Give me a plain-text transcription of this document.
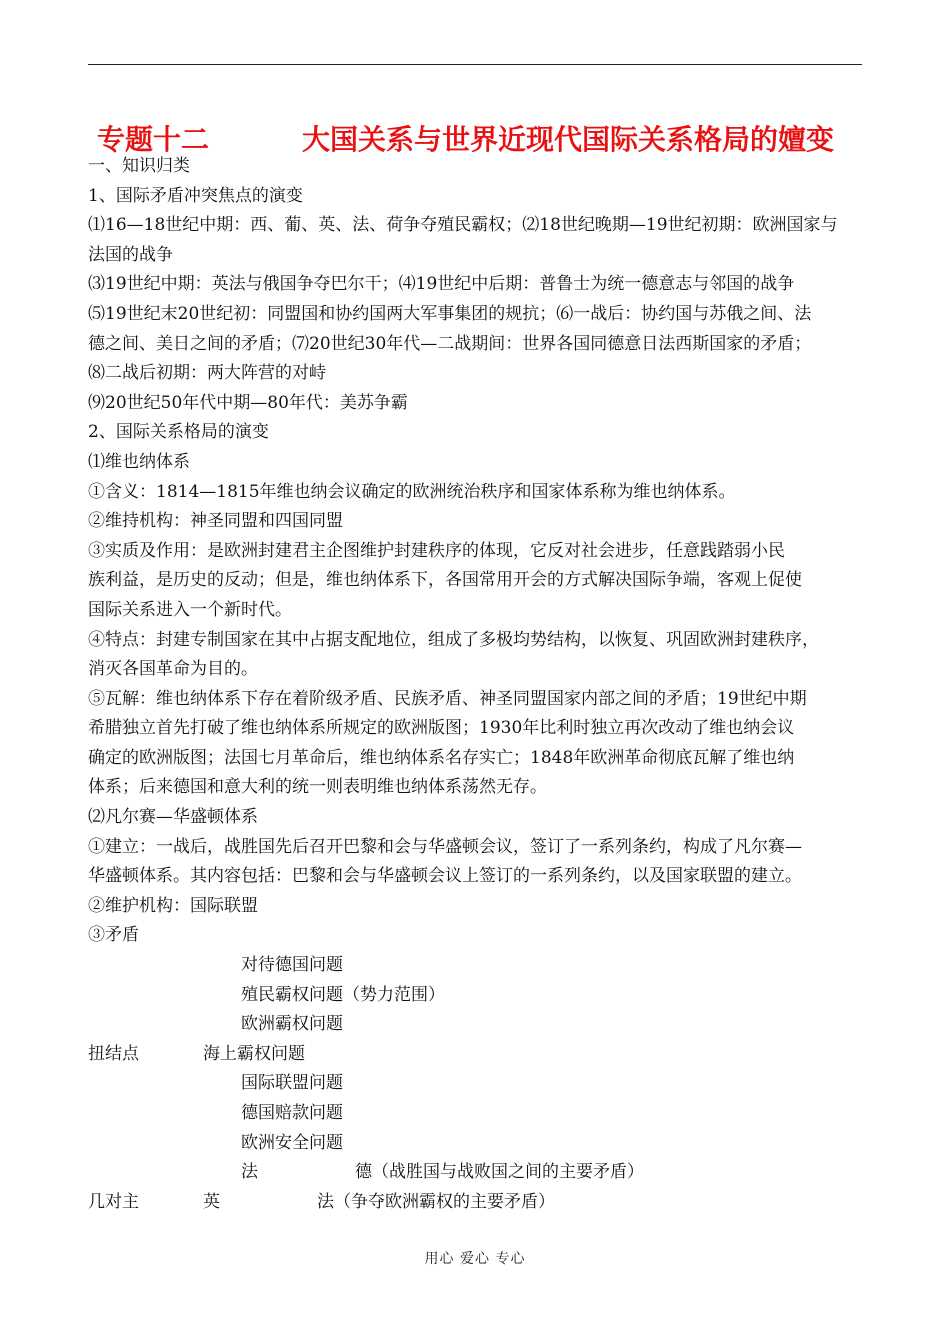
专题十二	大国关系与世界近现代国际关系格局的嬗变
一、知识归类
1、国际矛盾冲突焦点的演变
⑴16—18世纪中期：西、葡、英、法、荷争夺殖民霸权；⑵18世纪晚期—19世纪初期：欧洲国家与
法国的战争
⑶19世纪中期：英法与俄国争夺巴尔干；⑷19世纪中后期：普鲁士为统一德意志与邻国的战争
⑸19世纪末20世纪初：同盟国和协约国两大军事集团的规抗；⑹一战后：协约国与苏俄之间、法
德之间、美日之间的矛盾；⑺20世纪30年代—二战期间：世界各国同德意日法西斯国家的矛盾；
⑻二战后初期：两大阵营的对峙
⑼20世纪50年代中期—80年代：美苏争霸
2、国际关系格局的演变
⑴维也纳体系
①含义：1814—1815年维也纳会议确定的欧洲统治秩序和国家体系称为维也纳体系。
②维持机构：神圣同盟和四国同盟
③实质及作用：是欧洲封建君主企图维护封建秩序的体现，它反对社会进步，任意践踏弱小民
族利益，是历史的反动；但是，维也纳体系下，各国常用开会的方式解决国际争端，客观上促使
国际关系进入一个新时代。
④特点：封建专制国家在其中占据支配地位，组成了多极均势结构，以恢复、巩固欧洲封建秩序，
消灭各国革命为目的。
⑤瓦解：维也纳体系下存在着阶级矛盾、民族矛盾、神圣同盟国家内部之间的矛盾；19世纪中期
希腊独立首先打破了维也纳体系所规定的欧洲版图；1930年比利时独立再次改动了维也纳会议
确定的欧洲版图；法国七月革命后，维也纳体系名存实亡；1848年欧洲革命彻底瓦解了维也纳
体系；后来德国和意大利的统一则表明维也纳体系荡然无存。
⑵凡尔赛—华盛顿体系
①建立：一战后，战胜国先后召开巴黎和会与华盛顿会议，签订了一系列条约，构成了凡尔赛—
华盛顿体系。其内容包括：巴黎和会与华盛顿会议上签订的一系列条约，以及国家联盟的建立。
②维护机构：国际联盟
③矛盾
对待德国问题
殖民霸权问题（势力范围）
欧洲霸权问题
扭结点	海上霸权问题
国际联盟问题
德国赔款问题
欧洲安全问题
法	德（战胜国与战败国之间的主要矛盾）
几对主	英	法（争夺欧洲霸权的主要矛盾）
用心 爱心 专心
